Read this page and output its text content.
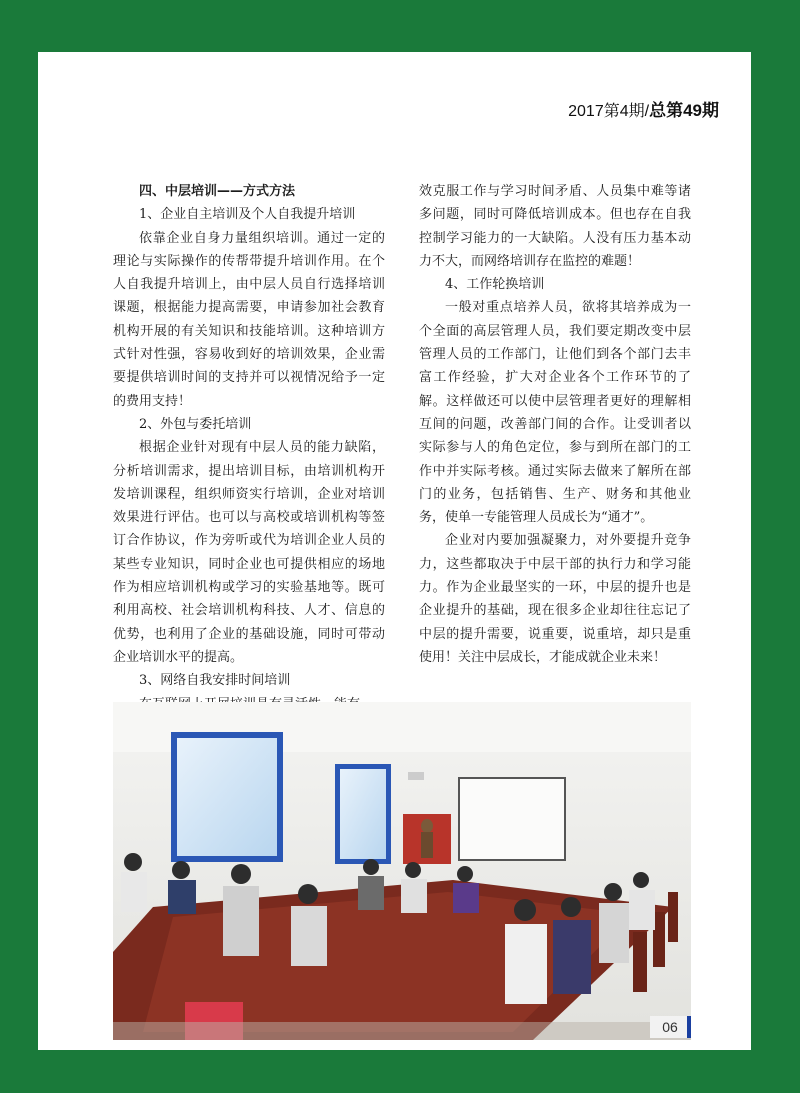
2017第4期/总第49期
四、中层培训——方式方法

1、企业自主培训及个人自我提升培训

依靠企业自身力量组织培训。通过一定的理论与实际操作的传帮带提升培训作用。在个人自我提升培训上，由中层人员自行选择培训课题，根据能力提高需要，申请参加社会教育机构开展的有关知识和技能培训。这种培训方式针对性强，容易收到好的培训效果，企业需要提供培训时间的支持并可以视情况给予一定的费用支持！

2、外包与委托培训

根据企业针对现有中层人员的能力缺陷，分析培训需求，提出培训目标，由培训机构开发培训课程，组织师资实行培训，企业对培训效果进行评估。也可以与高校或培训机构等签订合作协议，作为旁听或代为培训企业人员的某些专业知识，同时企业也可提供相应的场地作为相应培训机构或学习的实验基地等。既可利用高校、社会培训机构科技、人才、信息的优势，也利用了企业的基础设施，同时可带动企业培训水平的提高。

3、网络自我安排时间培训

效克服工作与学习时间矛盾、人员集中难等诸多问题，同时可降低培训成本。但也存在自我控制学习能力的一大缺陷。人没有压力基本动力不大，而网络培训存在监控的难题！

4、工作轮换培训

一般对重点培养人员，欲将其培养成为一个全面的高层管理人员，我们要定期改变中层管理人员的工作部门，让他们到各个部门去丰富工作经验，扩大对企业各个工作环节的了解。这样做还可以使中层管理者更好的理解相互间的问题，改善部门间的合作。让受训者以实际参与人的角色定位，参与到所在部门的工作中并实际考核。通过实际去做来了解所在部门的业务，包括销售、生产、财务和其他业务，使单一专能管理人员成长为“通才”。

企业对内要加强凝聚力，对外要提升竞争力，这些都取决于中层干部的执行力和学习能力。作为企业最坚实的一环，中层的提升也是企业提升的基础，现在很多企业却往往忘记了中层的提升需要，说重要，说重培，却只是重使用！关注中层成长，才能成就企业未来！

06
